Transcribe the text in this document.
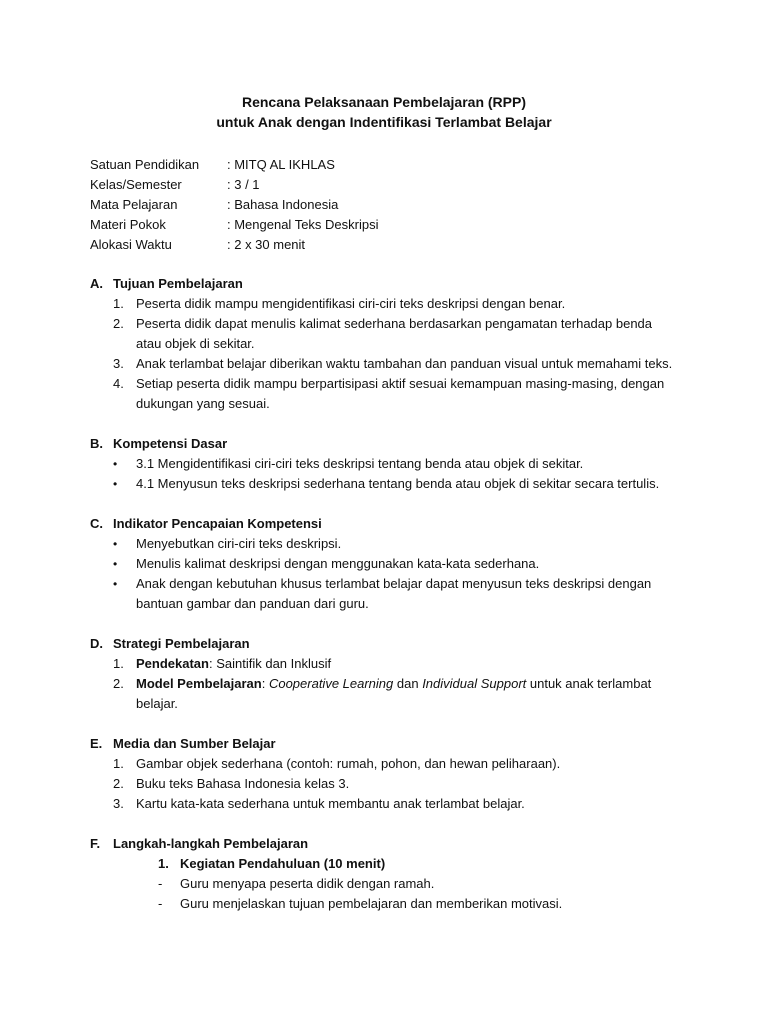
Rencana Pelaksanaan Pembelajaran (RPP)
untuk Anak dengan Indentifikasi Terlambat Belajar
Satuan Pendidikan	: MITQ AL IKHLAS
Kelas/Semester	: 3 / 1
Mata Pelajaran	: Bahasa Indonesia
Materi Pokok	: Mengenal Teks Deskripsi
Alokasi Waktu	: 2 x 30 menit
A. Tujuan Pembelajaran
1. Peserta didik mampu mengidentifikasi ciri-ciri teks deskripsi dengan benar.
2. Peserta didik dapat menulis kalimat sederhana berdasarkan pengamatan terhadap benda atau objek di sekitar.
3. Anak terlambat belajar diberikan waktu tambahan dan panduan visual untuk memahami teks.
4. Setiap peserta didik mampu berpartisipasi aktif sesuai kemampuan masing-masing, dengan dukungan yang sesuai.
B. Kompetensi Dasar
•	3.1 Mengidentifikasi ciri-ciri teks deskripsi tentang benda atau objek di sekitar.
•	4.1 Menyusun teks deskripsi sederhana tentang benda atau objek di sekitar secara tertulis.
C. Indikator Pencapaian Kompetensi
•	Menyebutkan ciri-ciri teks deskripsi.
•	Menulis kalimat deskripsi dengan menggunakan kata-kata sederhana.
•	Anak dengan kebutuhan khusus terlambat belajar dapat menyusun teks deskripsi dengan bantuan gambar dan panduan dari guru.
D. Strategi Pembelajaran
1. Pendekatan: Saintifik dan Inklusif
2. Model Pembelajaran: Cooperative Learning dan Individual Support untuk anak terlambat belajar.
E. Media dan Sumber Belajar
1. Gambar objek sederhana (contoh: rumah, pohon, dan hewan peliharaan).
2. Buku teks Bahasa Indonesia kelas 3.
3. Kartu kata-kata sederhana untuk membantu anak terlambat belajar.
F. Langkah-langkah Pembelajaran
1. Kegiatan Pendahuluan (10 menit)
-	Guru menyapa peserta didik dengan ramah.
-	Guru menjelaskan tujuan pembelajaran dan memberikan motivasi.
